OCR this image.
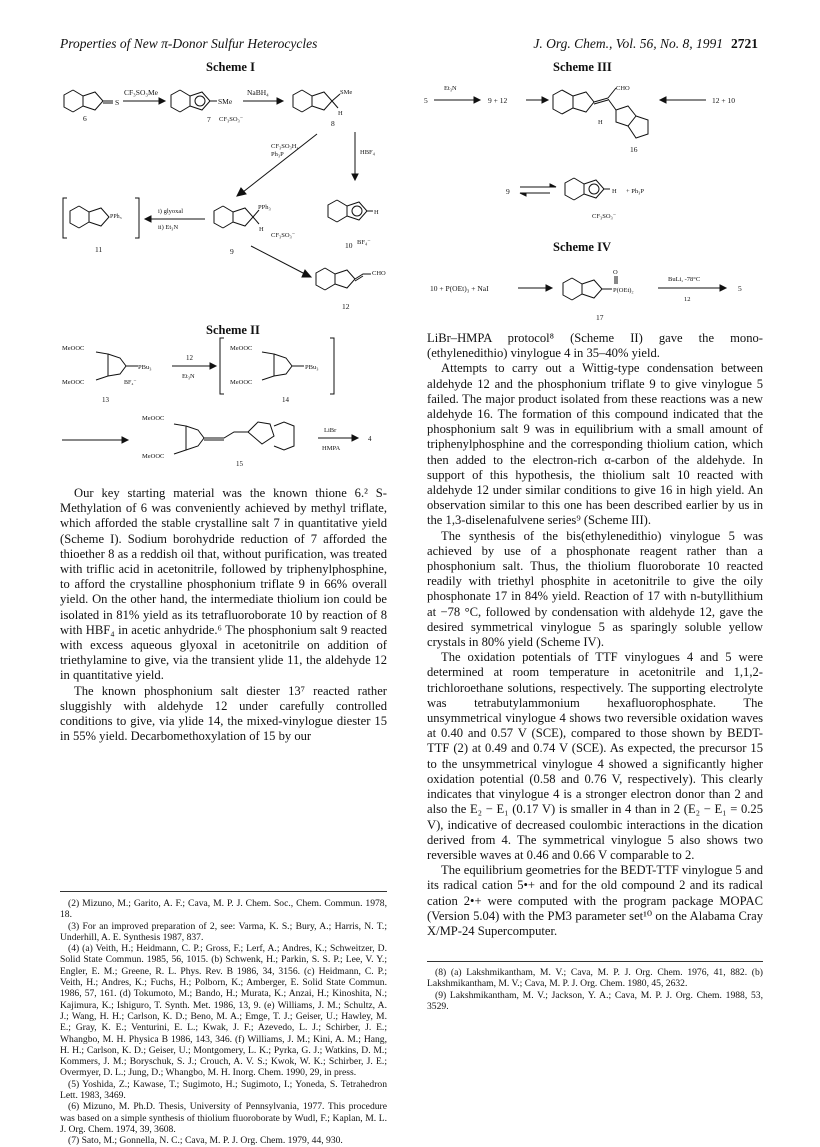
Properties of New π-Donor Sulfur Heterocycles	J. Org. Chem., Vol. 56, No. 8, 1991 2721
Scheme I
S
6
CF₃SO₃Me
SMe
7 CF₃SO₃⁻
NaBH₄	SMe
H
8
CF₃SO₃H,
Ph₃P	HBF₄
PPh₃
11
i) glyoxal
ii) Et₃N
PPh₃
H
9
CF₃SO₃⁻
H
10 BF₄⁻
CHO
12
Scheme II
MeOOC
MeOOC
PBu₃
BF₄⁻
13
12
Et₃N
MeOOC
MeOOC
PBu₃
14
MeOOC
MeOOC
15
LiBr
HMPA
4
Scheme III
5
Et₃N
9 + 12
CHO
H
12 + 10
16
9	H + Ph₃P
CF₃SO₃⁻
Scheme IV
10 + P(OEt)₃ + NaI
O
P(OEt)₂
17
BuLi, -78°C
12
5

Our key starting material was the known thione 6.² S-Methylation of 6 was conveniently achieved by methyl triflate, which afforded the stable crystalline salt 7 in quantitative yield (Scheme I). Sodium borohydride reduction of 7 afforded the thioether 8 as a reddish oil that, without purification, was treated with triflic acid in acetonitrile, followed by triphenylphosphine, to afford the crystalline phosphonium triflate 9 in 66% overall yield. On the other hand, the intermediate thiolium ion could be isolated in 81% yield as its tetrafluoroborate 10 by reaction of 8 with HBF₄ in acetic anhydride.⁶ The phosphonium salt 9 reacted with excess aqueous glyoxal in acetonitrile on addition of triethylamine to give, via the transient ylide 11, the aldehyde 12 in quantitative yield.

The known phosphonium salt diester 13⁷ reacted rather sluggishly with aldehyde 12 under carefully controlled conditions to give, via ylide 14, the mixed-vinylogue diester 15 in 55% yield. Decarbomethoxylation of 15 by our

LiBr–HMPA protocol⁸ (Scheme II) gave the mono-(ethylenedithio) vinylogue 4 in 35–40% yield.

Attempts to carry out a Wittig-type condensation between aldehyde 12 and the phosphonium triflate 9 to give vinylogue 5 failed. The major product isolated from these reactions was a new aldehyde 16. The formation of this compound indicated that the phosphonium salt 9 was in equilibrium with a small amount of triphenylphosphine and the corresponding thiolium cation, which then added to the electron-rich α-carbon of the aldehyde. In support of this hypothesis, the thiolium salt 10 reacted with aldehyde 12 under similar conditions to give 16 in high yield. An observation similar to this one has been described earlier by us in the 1,3-diselenafulvene series⁹ (Scheme III).

The synthesis of the bis(ethylenedithio) vinylogue 5 was achieved by use of a phosphonate reagent rather than a phosphonium salt. Thus, the thiolium fluoroborate 10 reacted readily with triethyl phosphite in acetonitrile to give the oily phosphonate 17 in 84% yield. Reaction of 17 with n-butyllithium at −78 °C, followed by condensation with aldehyde 12, gave the desired symmetrical vinylogue 5 as sparingly soluble yellow crystals in 80% yield (Scheme IV).

The oxidation potentials of TTF vinylogues 4 and 5 were determined at room temperature in acetonitrile and 1,1,2-trichloroethane solutions, respectively. The supporting electrolyte was tetrabutylammonium hexafluorophosphate. The unsymmetrical vinylogue 4 shows two reversible oxidation waves at 0.40 and 0.57 V (SCE), compared to those shown by BEDT-TTF (2) at 0.49 and 0.74 V (SCE). As expected, the precursor 15 to the unsymmetrical vinylogue 4 showed a significantly higher oxidation potential (0.58 and 0.76 V, respectively). This clearly indicates that vinylogue 4 is a stronger electron donor than 2 and also the E₂ − E₁ (0.17 V) is smaller in 4 than in 2 (E₂ − E₁ = 0.25 V), indicative of decreased coulombic interactions in the dication derived from 4. The symmetrical vinylogue 5 also shows two reversible waves at 0.46 and 0.66 V comparable to 2.

The equilibrium geometries for the BEDT-TTF vinylogue 5 and its radical cation 5•+ and for the old compound 2 and its radical cation 2•+ were computed with the program package MOPAC (Version 5.04) with the PM3 parameter set¹⁰ on the Alabama Cray X/MP-24 Supercomputer.

(2) Mizuno, M.; Garito, A. F.; Cava, M. P. J. Chem. Soc., Chem. Commun. 1978, 18.
(3) For an improved preparation of 2, see: Varma, K. S.; Bury, A.; Harris, N. T.; Underhill, A. E. Synthesis 1987, 837.
(4) (a) Veith, H.; Heidmann, C. P.; Gross, F.; Lerf, A.; Andres, K.; Schweitzer, D. Solid State Commun. 1985, 56, 1015. (b) Schwenk, H.; Parkin, S. S. P.; Lee, V. Y.; Engler, E. M.; Greene, R. L. Phys. Rev. B 1986, 34, 3156. (c) Heidmann, C. P.; Veith, H.; Andres, K.; Fuchs, H.; Polborn, K.; Amberger, E. Solid State Commun. 1986, 57, 161. (d) Tokumoto, M.; Bando, H.; Murata, K.; Anzai, H.; Kinoshita, N.; Kajimura, K.; Ishiguro, T. Synth. Met. 1986, 13, 9. (e) Williams, J. M.; Schultz, A. J.; Wang, H. H.; Carlson, K. D.; Beno, M. A.; Emge, T. J.; Geiser, U.; Hawley, M. E.; Gray, K. E.; Venturini, E. L.; Kwak, J. F.; Azevedo, L. J.; Schirber, J. E.; Whangbo, M. H. Physica B 1986, 143, 346. (f) Williams, J. M.; Kini, A. M.; Hang, H. H.; Carlson, K. D.; Geiser, U.; Montgomery, L. K.; Pyrka, G. J.; Watkins, D. M.; Kommers, J. M.; Boryschuk, S. J.; Crouch, A. V. S.; Kwok, W. K.; Schirber, J. E.; Overmyer, D. L.; Jung, D.; Whangbo, M. H. Inorg. Chem. 1990, 29, in press.
(5) Yoshida, Z.; Kawase, T.; Sugimoto, H.; Sugimoto, I.; Yoneda, S. Tetrahedron Lett. 1983, 3469.
(6) Mizuno, M. Ph.D. Thesis, University of Pennsylvania, 1977. This procedure was based on a simple synthesis of thiolium fluoroborate by Wudl, F.; Kaplan, M. L. J. Org. Chem. 1974, 39, 3608.
(7) Sato, M.; Gonnella, N. C.; Cava, M. P. J. Org. Chem. 1979, 44, 930.
(8) (a) Lakshmikantham, M. V.; Cava, M. P. J. Org. Chem. 1976, 41, 882. (b) Lakshmikantham, M. V.; Cava, M. P. J. Org. Chem. 1980, 45, 2632.
(9) Lakshmikantham, M. V.; Jackson, Y. A.; Cava, M. P. J. Org. Chem. 1988, 53, 3529.
